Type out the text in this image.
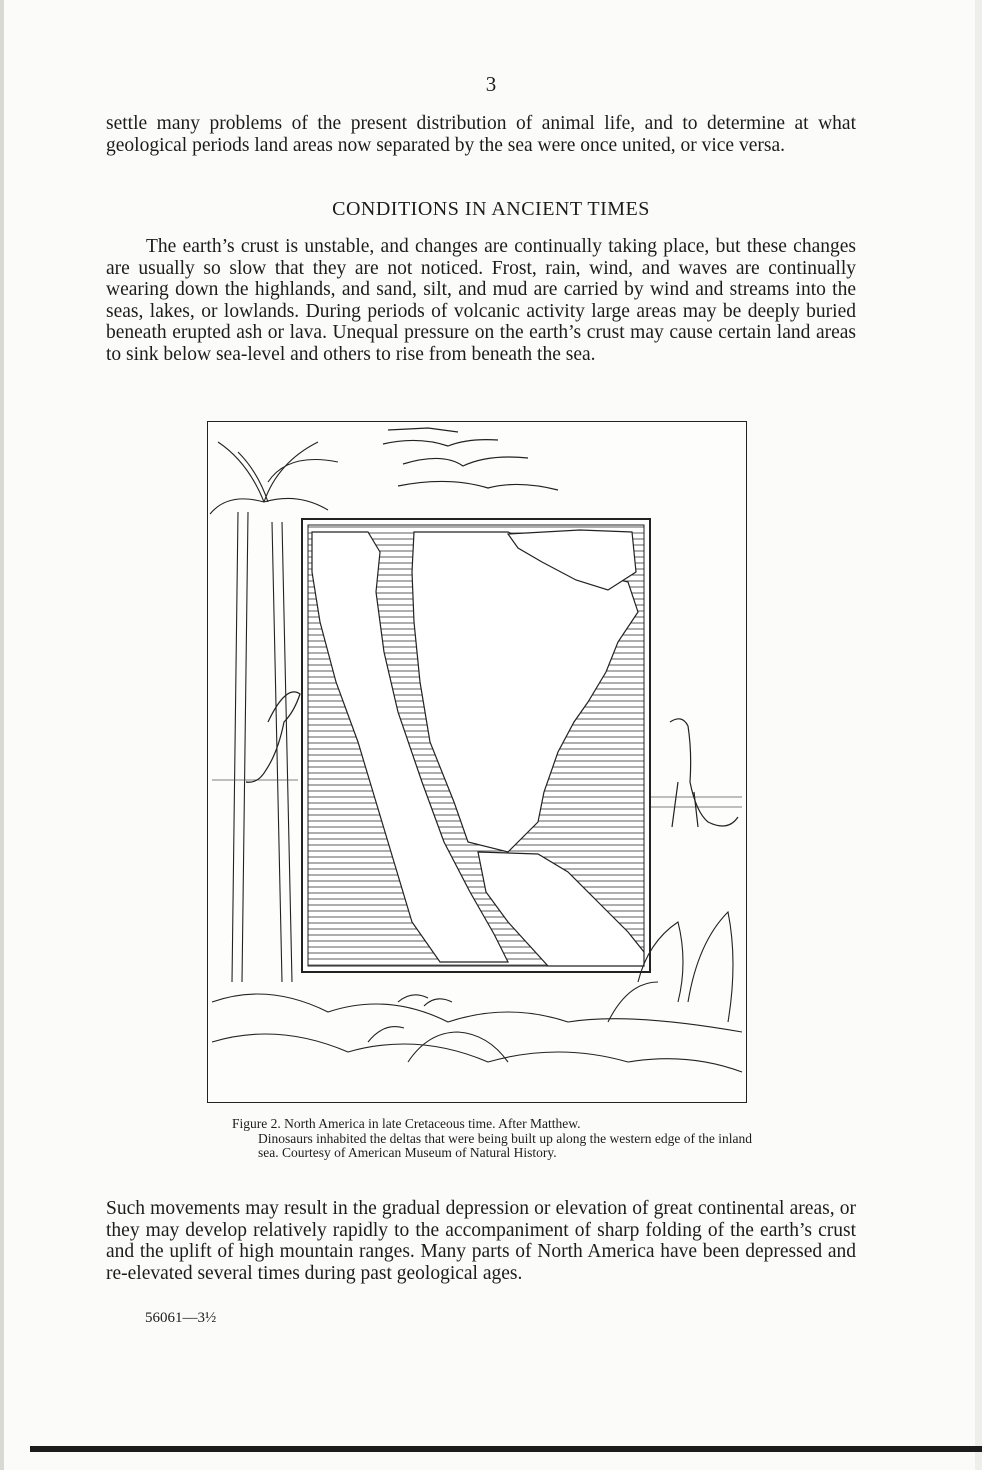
3

settle many problems of the present distribution of animal life, and to determine at what geological periods land areas now separated by the sea were once united, or vice versa.

CONDITIONS IN ANCIENT TIMES

The earth’s crust is unstable, and changes are continually taking place, but these changes are usually so slow that they are not noticed. Frost, rain, wind, and waves are continually wearing down the highlands, and sand, silt, and mud are carried by wind and streams into the seas, lakes, or lowlands. During periods of volcanic activity large areas may be deeply buried beneath erupted ash or lava. Unequal pressure on the earth’s crust may cause certain land areas to sink below sea-level and others to rise from beneath the sea.

Figure 2. North America in late Cretaceous time. After Matthew.
Dinosaurs inhabited the deltas that were being built up along the western edge of the inland sea. Courtesy of American Museum of Natural History.

Such movements may result in the gradual depression or elevation of great continental areas, or they may develop relatively rapidly to the accompaniment of sharp folding of the earth’s crust and the uplift of high mountain ranges. Many parts of North America have been depressed and re-elevated several times during past geological ages.

56061—3½
